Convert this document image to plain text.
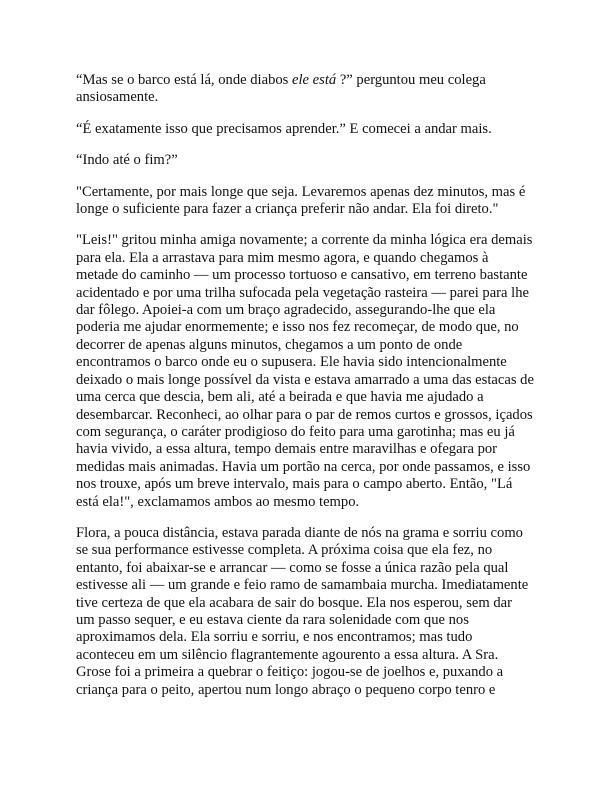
“Mas se o barco está lá, onde diabos ele está ?” perguntou meu colega ansiosamente.

“É exatamente isso que precisamos aprender.” E comecei a andar mais.

“Indo até o fim?”

"Certamente, por mais longe que seja. Levaremos apenas dez minutos, mas é longe o suficiente para fazer a criança preferir não andar. Ela foi direto."

"Leis!" gritou minha amiga novamente; a corrente da minha lógica era demais para ela. Ela a arrastava para mim mesmo agora, e quando chegamos à metade do caminho — um processo tortuoso e cansativo, em terreno bastante acidentado e por uma trilha sufocada pela vegetação rasteira — parei para lhe dar fôlego. Apoiei-a com um braço agradecido, assegurando-lhe que ela poderia me ajudar enormemente; e isso nos fez recomeçar, de modo que, no decorrer de apenas alguns minutos, chegamos a um ponto de onde encontramos o barco onde eu o supusera. Ele havia sido intencionalmente deixado o mais longe possível da vista e estava amarrado a uma das estacas de uma cerca que descia, bem ali, até a beirada e que havia me ajudado a desembarcar. Reconheci, ao olhar para o par de remos curtos e grossos, içados com segurança, o caráter prodigioso do feito para uma garotinha; mas eu já havia vivido, a essa altura, tempo demais entre maravilhas e ofegara por medidas mais animadas. Havia um portão na cerca, por onde passamos, e isso nos trouxe, após um breve intervalo, mais para o campo aberto. Então, "Lá está ela!", exclamamos ambos ao mesmo tempo.

Flora, a pouca distância, estava parada diante de nós na grama e sorriu como se sua performance estivesse completa. A próxima coisa que ela fez, no entanto, foi abaixar-se e arrancar — como se fosse a única razão pela qual estivesse ali — um grande e feio ramo de samambaia murcha. Imediatamente tive certeza de que ela acabara de sair do bosque. Ela nos esperou, sem dar um passo sequer, e eu estava ciente da rara solenidade com que nos aproximamos dela. Ela sorriu e sorriu, e nos encontramos; mas tudo aconteceu em um silêncio flagrantemente agourento a essa altura. A Sra. Grose foi a primeira a quebrar o feitiço: jogou-se de joelhos e, puxando a criança para o peito, apertou num longo abraço o pequeno corpo tenro e
